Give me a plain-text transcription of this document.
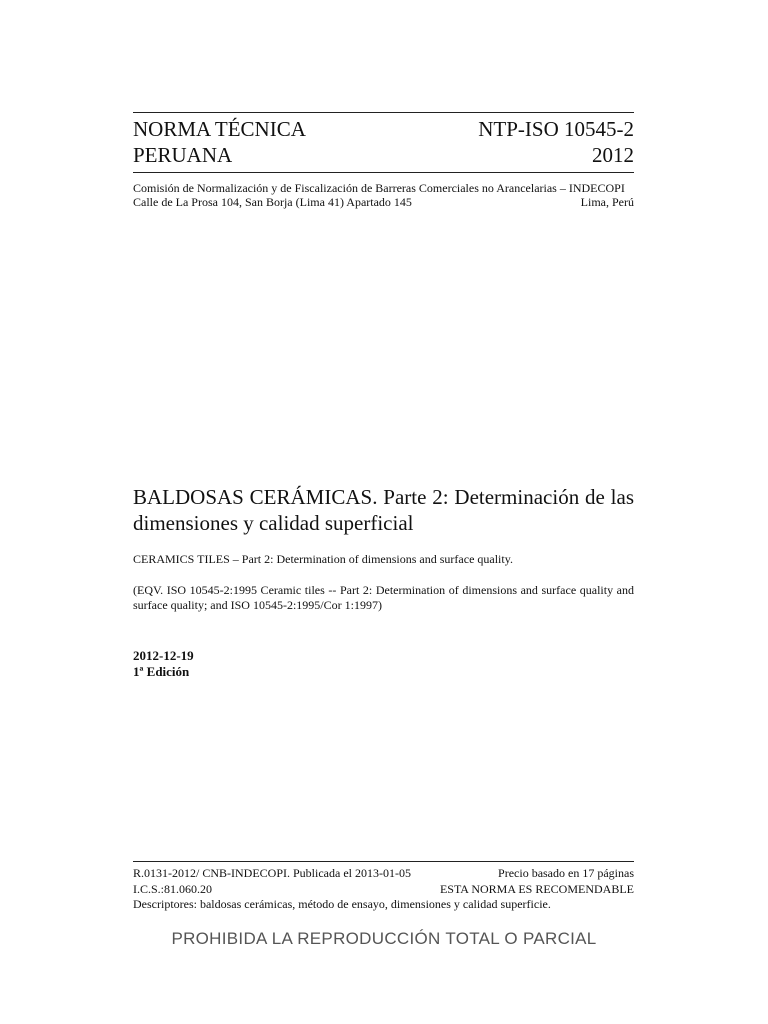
NORMA TÉCNICA	NTP-ISO 10545-2
PERUANA	2012
Comisión de Normalización y de Fiscalización de Barreras Comerciales no Arancelarias – INDECOPI
Calle de La Prosa 104, San Borja (Lima 41) Apartado 145	Lima, Perú
BALDOSAS CERÁMICAS. Parte 2: Determinación de las dimensiones y calidad superficial
CERAMICS TILES – Part 2: Determination of dimensions and surface quality.
(EQV. ISO 10545-2:1995 Ceramic tiles -- Part 2: Determination of dimensions and surface quality and surface quality; and ISO 10545-2:1995/Cor 1:1997)
2012-12-19
1ª Edición
R.0131-2012/ CNB-INDECOPI. Publicada el 2013-01-05	Precio basado en 17 páginas
I.C.S.:81.060.20	ESTA NORMA ES RECOMENDABLE
Descriptores: baldosas cerámicas, método de ensayo, dimensiones y calidad superficie.
PROHIBIDA LA REPRODUCCIÓN TOTAL O PARCIAL
